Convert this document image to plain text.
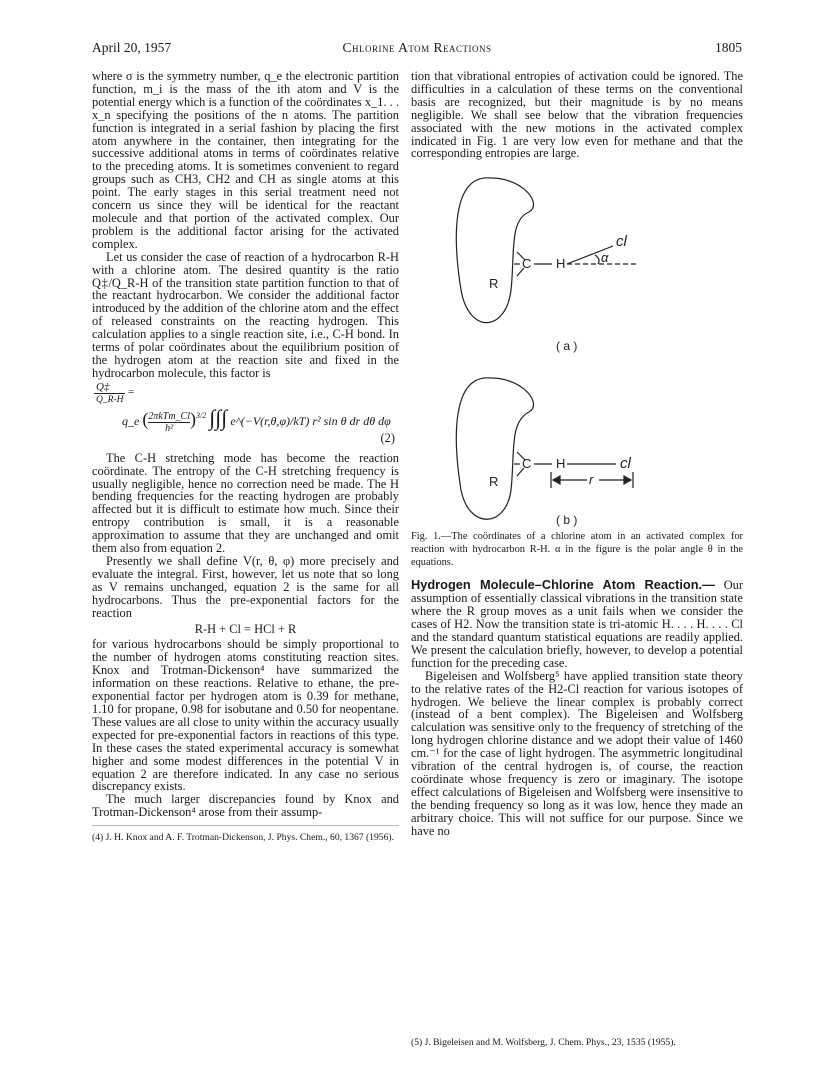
April 20, 1957	Chlorine Atom Reactions	1805

where σ is the symmetry number, q_e the electronic partition function, m_i is the mass of the ith atom and V is the potential energy which is a function of the coördinates x_1. . . x_n specifying the positions of the n atoms. The partition function is integrated in a serial fashion by placing the first atom anywhere in the container, then integrating for the successive additional atoms in terms of coördinates relative to the preceding atoms. It is sometimes convenient to regard groups such as CH3, CH2 and CH as single atoms at this point. The early stages in this serial treatment need not concern us since they will be identical for the reactant molecule and that portion of the activated complex. Our problem is the additional factor arising for the activated complex.

Let us consider the case of reaction of a hydrocarbon R-H with a chlorine atom. The desired quantity is the ratio Q‡/Q_R-H of the transition state partition function to that of the reactant hydrocarbon. We consider the additional factor introduced by the addition of the chlorine atom and the effect of released constraints on the reacting hydrogen. This calculation applies to a single reaction site, i.e., C-H bond. In terms of polar coördinates about the equilibrium position of the hydrogen atom at the reaction site and fixed in the hydrocarbon molecule, this factor is

Q‡
Q_R-H
=
q_e ( $\frac{\text{2πkTm\_Cl}}{\text{h²}} )^{3/2}$ ∫∫∫ e^(−V(r,θ,φ)/kT) r² sin θ dr dθ dφ
(2)

The C-H stretching mode has become the reaction coördinate. The entropy of the C-H stretching frequency is usually negligible, hence no correction need be made. The H bending frequencies for the reacting hydrogen are probably affected but it is difficult to estimate how much. Since their entropy contribution is small, it is a reasonable approximation to assume that they are unchanged and omit them also from equation 2.

Presently we shall define V(r, θ, φ) more precisely and evaluate the integral. First, however, let us note that so long as V remains unchanged, equation 2 is the same for all hydrocarbons. Thus the pre-exponential factors for the reaction

R-H + Cl = HCl + R

for various hydrocarbons should be simply proportional to the number of hydrogen atoms constituting reaction sites. Knox and Trotman-Dickenson⁴ have summarized the information on these reactions. Relative to ethane, the pre-exponential factor per hydrogen atom is 0.39 for methane, 1.10 for propane, 0.98 for isobutane and 0.50 for neopentane. These values are all close to unity within the accuracy usually expected for pre-exponential factors in reactions of this type. In these cases the stated experimental accuracy is somewhat higher and some modest differences in the potential V in equation 2 are therefore indicated. In any case no serious discrepancy exists.

The much larger discrepancies found by Knox and Trotman-Dickenson⁴ arose from their assump-

(4) J. H. Knox and A. F. Trotman-Dickenson, J. Phys. Chem., 60, 1367 (1956).

tion that vibrational entropies of activation could be ignored. The difficulties in a calculation of these terms on the conventional basis are recognized, but their magnitude is by no means negligible. We shall see below that the vibration frequencies associated with the new motions in the activated complex indicated in Fig. 1 are very low even for methane and that the corresponding entropies are large.

C H	α
cl
R
( a )
C H	cl
r
R
( b )
Fig. 1.—The coördinates of a chlorine atom in an activated complex for reaction with hydrocarbon R-H. α in the figure is the polar angle θ in the equations.

Hydrogen Molecule–Chlorine Atom Reaction.— Our assumption of essentially classical vibrations in the transition state where the R group moves as a unit fails when we consider the cases of H2. Now the transition state is tri-atomic H. . . . H. . . . Cl and the standard quantum statistical equations are readily applied. We present the calculation briefly, however, to develop a potential function for the preceding case.

Bigeleisen and Wolfsberg⁵ have applied transition state theory to the relative rates of the H2-Cl reaction for various isotopes of hydrogen. We believe the linear complex is probably correct (instead of a bent complex). The Bigeleisen and Wolfsberg calculation was sensitive only to the frequency of stretching of the long hydrogen chlorine distance and we adopt their value of 1460 cm.⁻¹ for the case of light hydrogen. The asymmetric longitudinal vibration of the central hydrogen is, of course, the reaction coördinate whose frequency is zero or imaginary. The isotope effect calculations of Bigeleisen and Wolfsberg were insensitive to the bending frequency so long as it was low, hence they made an arbitrary choice. This will not suffice for our purpose. Since we have no

(5) J. Bigeleisen and M. Wolfsberg, J. Chem. Phys., 23, 1535 (1955).
